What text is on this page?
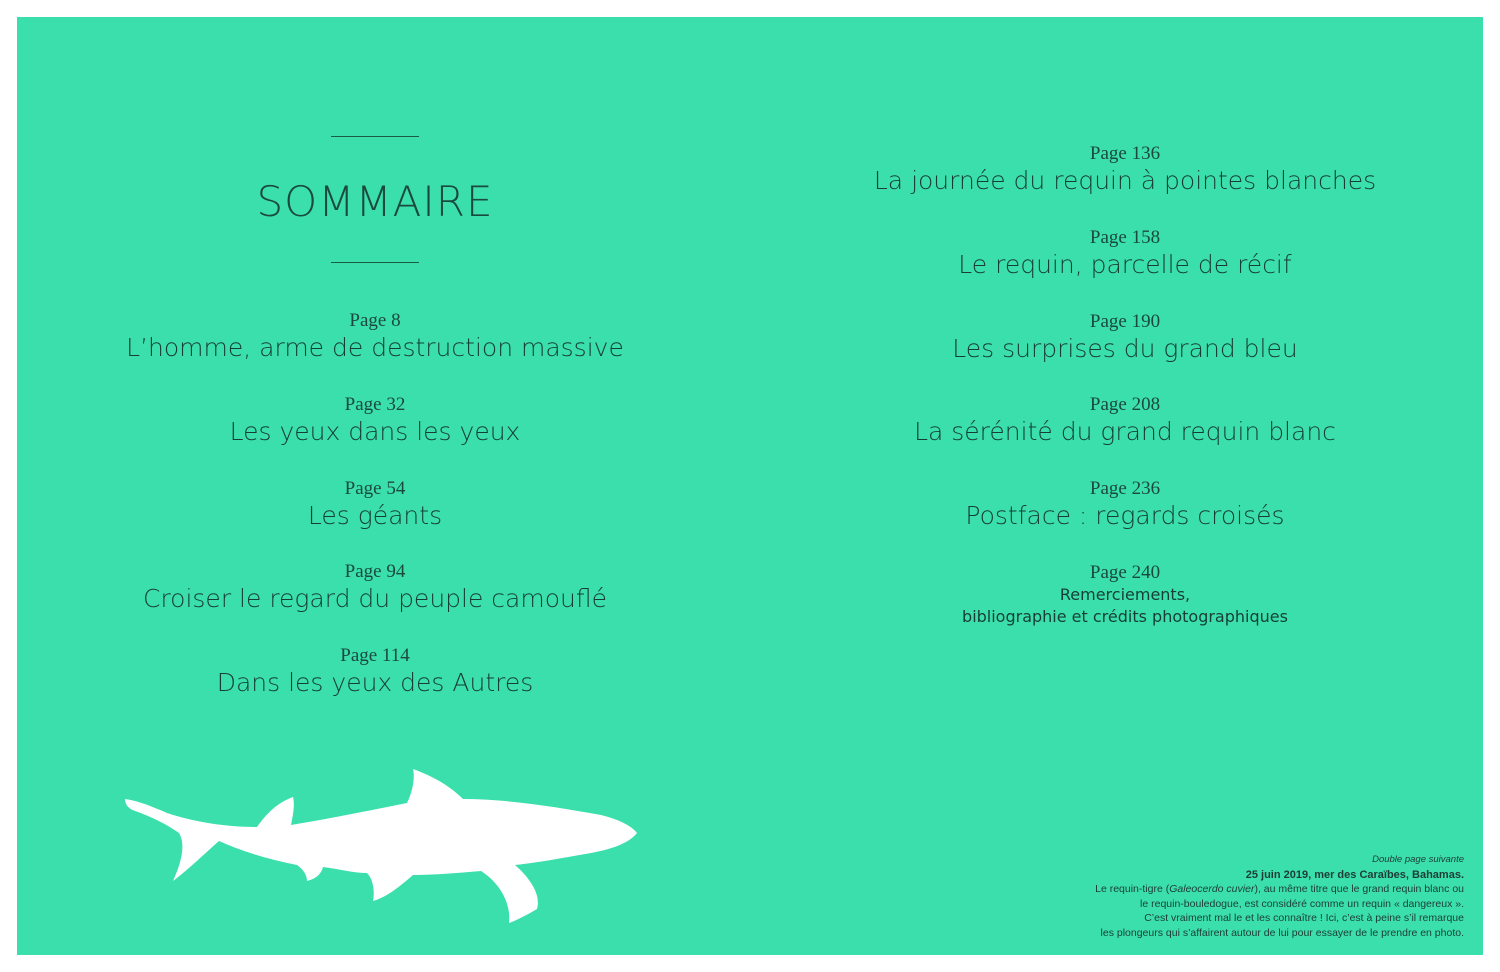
SOMMAIRE
Page 8
L’homme, arme de destruction massive
Page 32
Les yeux dans les yeux
Page 54
Les géants
Page 94
Croiser le regard du peuple camouflé
Page 114
Dans les yeux des Autres
Page 136
La journée du requin à pointes blanches
Page 158
Le requin, parcelle de récif
Page 190
Les surprises du grand bleu
Page 208
La sérénité du grand requin blanc
Page 236
Postface : regards croisés
Page 240
Remerciements,
bibliographie et crédits photographiques
Double page suivante
25 juin 2019, mer des Caraïbes, Bahamas.
Le requin-tigre (Galeocerdo cuvier), au même titre que le grand requin blanc ou
le requin-bouledogue, est considéré comme un requin « dangereux ».
C’est vraiment mal le et les connaître ! Ici, c’est à peine s’il remarque
les plongeurs qui s’affairent autour de lui pour essayer de le prendre en photo.
